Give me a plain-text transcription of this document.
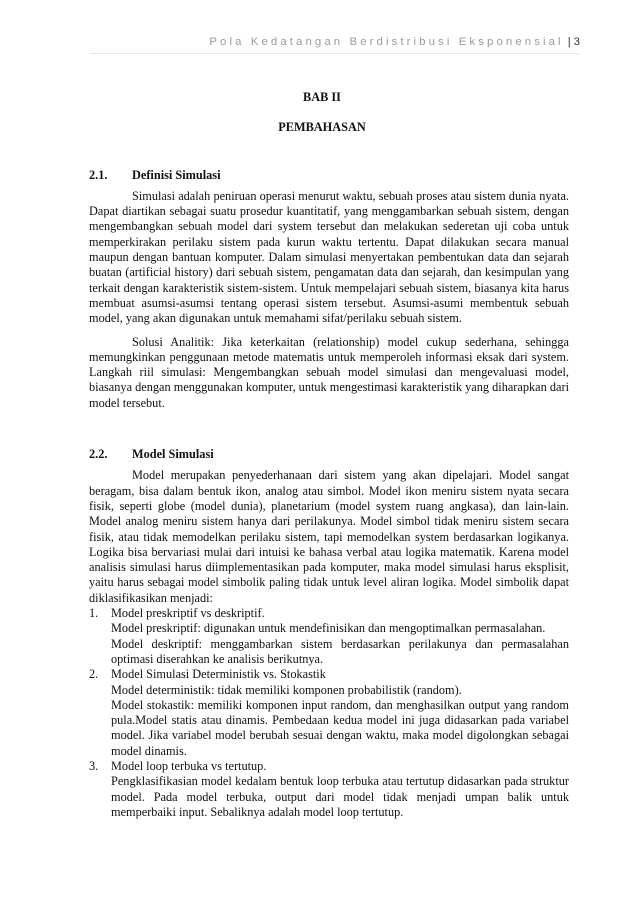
Pola Kedatangan Berdistribusi Eksponensial | 3
BAB II
PEMBAHASAN
2.1. Definisi Simulasi

Simulasi adalah peniruan operasi menurut waktu, sebuah proses atau sistem dunia nyata. Dapat diartikan sebagai suatu prosedur kuantitatif, yang menggambarkan sebuah sistem, dengan mengembangkan sebuah model dari system tersebut dan melakukan sederetan uji coba untuk memperkirakan perilaku sistem pada kurun waktu tertentu. Dapat dilakukan secara manual maupun dengan bantuan komputer. Dalam simulasi menyertakan pembentukan data dan sejarah buatan (artificial history) dari sebuah sistem, pengamatan data dan sejarah, dan kesimpulan yang terkait dengan karakteristik sistem-sistem. Untuk mempelajari sebuah sistem, biasanya kita harus membuat asumsi-asumsi tentang operasi sistem tersebut. Asumsi-asumi membentuk sebuah model, yang akan digunakan untuk memahami sifat/perilaku sebuah sistem.

Solusi Analitik: Jika keterkaitan (relationship) model cukup sederhana, sehingga memungkinkan penggunaan metode matematis untuk memperoleh informasi eksak dari system. Langkah riil simulasi: Mengembangkan sebuah model simulasi dan mengevaluasi model, biasanya dengan menggunakan komputer, untuk mengestimasi karakteristik yang diharapkan dari model tersebut.

2.2. Model Simulasi

Model merupakan penyederhanaan dari sistem yang akan dipelajari. Model sangat beragam, bisa dalam bentuk ikon, analog atau simbol. Model ikon meniru sistem nyata secara fisik, seperti globe (model dunia), planetarium (model system ruang angkasa), dan lain-lain. Model analog meniru sistem hanya dari perilakunya. Model simbol tidak meniru sistem secara fisik, atau tidak memodelkan perilaku sistem, tapi memodelkan system berdasarkan logikanya. Logika bisa bervariasi mulai dari intuisi ke bahasa verbal atau logika matematik. Karena model analisis simulasi harus diimplementasikan pada komputer, maka model simulasi harus eksplisit, yaitu harus sebagai model simbolik paling tidak untuk level aliran logika. Model simbolik dapat diklasifikasikan menjadi:

1. Model preskriptif vs deskriptif.
Model preskriptif: digunakan untuk mendefinisikan dan mengoptimalkan permasalahan.
Model deskriptif: menggambarkan sistem berdasarkan perilakunya dan permasalahan optimasi diserahkan ke analisis berikutnya.
2. Model Simulasi Deterministik vs. Stokastik
Model deterministik: tidak memiliki komponen probabilistik (random).
Model stokastik: memiliki komponen input random, dan menghasilkan output yang random pula.Model statis atau dinamis. Pembedaan kedua model ini juga didasarkan pada variabel model. Jika variabel model berubah sesuai dengan waktu, maka model digolongkan sebagai model dinamis.
3. Model loop terbuka vs tertutup.
Pengklasifikasian model kedalam bentuk loop terbuka atau tertutup didasarkan pada struktur model. Pada model terbuka, output dari model tidak menjadi umpan balik untuk memperbaiki input. Sebaliknya adalah model loop tertutup.
